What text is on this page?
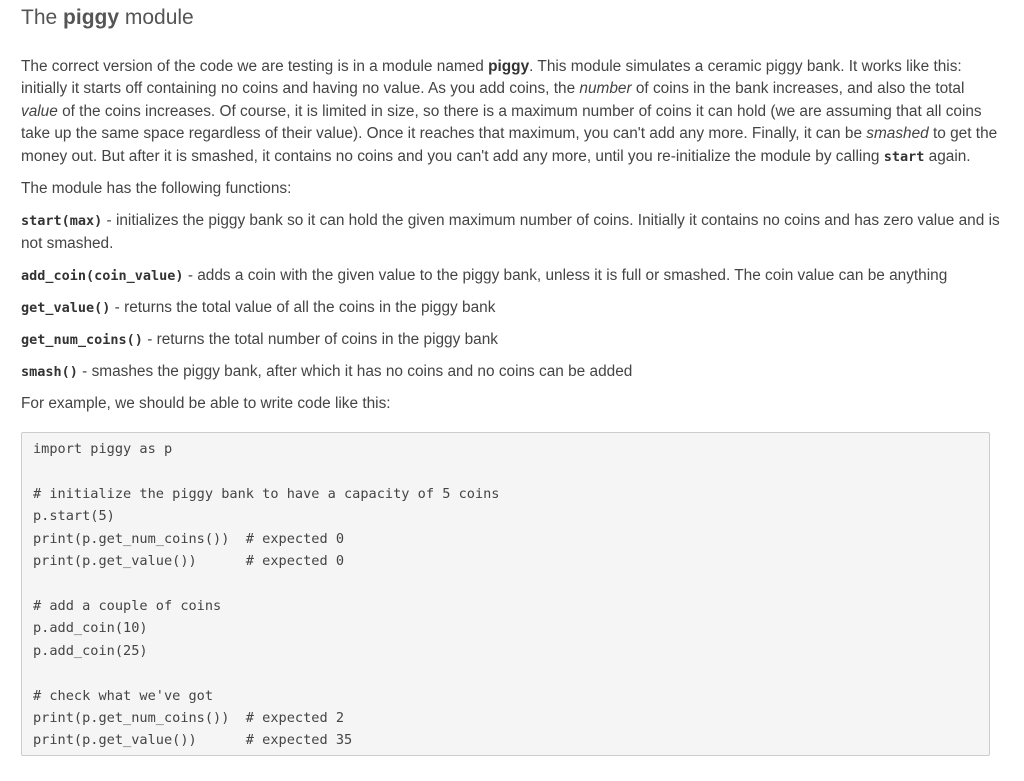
The piggy module

The correct version of the code we are testing is in a module named piggy. This module simulates a ceramic piggy bank. It works like this: initially it starts off containing no coins and having no value. As you add coins, the number of coins in the bank increases, and also the total value of the coins increases. Of course, it is limited in size, so there is a maximum number of coins it can hold (we are assuming that all coins take up the same space regardless of their value). Once it reaches that maximum, you can't add any more. Finally, it can be smashed to get the money out. But after it is smashed, it contains no coins and you can't add any more, until you re-initialize the module by calling start again.

The module has the following functions:

start(max) - initializes the piggy bank so it can hold the given maximum number of coins. Initially it contains no coins and has zero value and is not smashed.

add_coin(coin_value) - adds a coin with the given value to the piggy bank, unless it is full or smashed. The coin value can be anything

get_value() - returns the total value of all the coins in the piggy bank

get_num_coins() - returns the total number of coins in the piggy bank

smash() - smashes the piggy bank, after which it has no coins and no coins can be added

For example, we should be able to write code like this:

import piggy as p
# initialize the piggy bank to have a capacity of 5 coins
p.start(5)
print(p.get_num_coins())  # expected 0
print(p.get_value())      # expected 0
# add a couple of coins
p.add_coin(10)
p.add_coin(25)
# check what we've got
print(p.get_num_coins())  # expected 2
print(p.get_value())      # expected 35
